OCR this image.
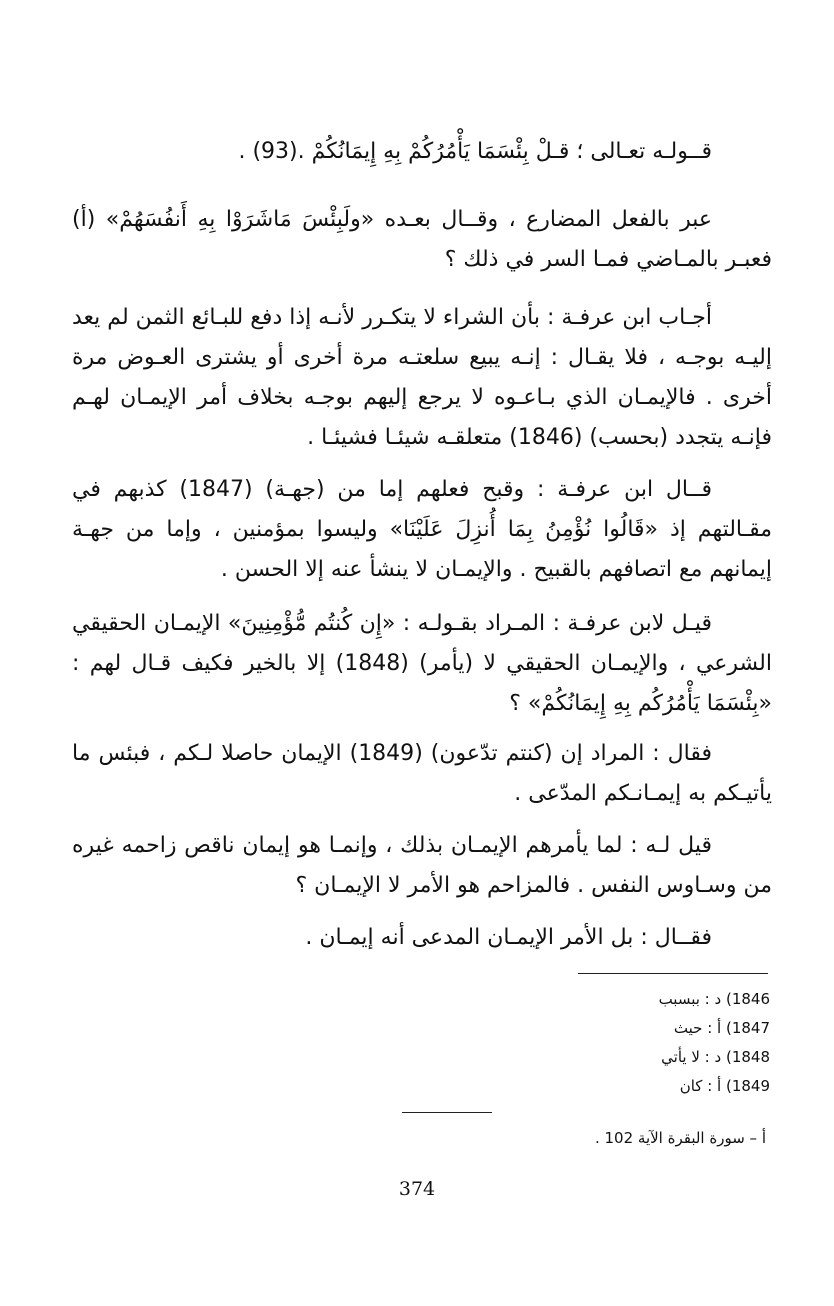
قــولـه تعـالى ؛ قـلْ بِئْسَمَا يَأْمُرُكُمْ بِهِ إِيمَانُكُمْ .(93) .

عبر بالفعل المضارع ، وقــال بعـده «ولَبِئْسَ مَاشَرَوْا بِهِ أَنفُسَهُمْ» (أ) فعبـر بالمـاضي فمـا السر في ذلك ؟

أجـاب ابن عرفـة : بأن الشراء لا يتكـرر لأنـه إذا دفع للبـائع الثمن لم يعد إليـه بوجـه ، فلا يقـال : إنـه يبيع سلعتـه مرة أخرى أو يشترى العـوض مرة أخرى . فالإيمـان الذي بـاعـوه لا يرجع إليهم بوجـه بخلاف أمر الإيمـان لهـم فإنـه يتجدد (بحسب) (1846) متعلقـه شيئـا فشيئـا .

قــال ابن عرفـة : وقبح فعلهم إما من (جهـة) (1847) كذبهم في مقـالتهم إذ «قَالُوا نُؤْمِنُ بِمَا أُنزِلَ عَلَيْنَا» وليسوا بمؤمنين ، وإما من جهـة إيمانهم مع اتصافهم بالقبيح . والإيمـان لا ينشأ عنه إلا الحسن .

قيـل لابن عرفـة : المـراد بقـولـه : «إِن كُنتُم مُّؤْمِنِينَ» الإيمـان الحقيقي الشرعي ، والإيمـان الحقيقي لا (يأمر) (1848) إلا بالخير فكيف قـال لهم : «بِئْسَمَا يَأْمُرُكُم بِهِ إِيمَانُكُمْ» ؟

فقال : المراد إن (كنتم تدّعون) (1849) الإيمان حاصلا لـكم ، فبئس ما يأتيـكم به إيمـانـكم المدّعى .

قيل لـه : لما يأمرهم الإيمـان بذلك ، وإنمـا هو إيمان ناقص زاحمه غيره من وسـاوس النفس . فالمزاحم هو الأمر لا الإيمـان ؟

فقــال : بل الأمر الإيمـان المدعى أنه إيمـان .

1846) د : ببسبب
1847) أ : حيث
1848) د : لا يأتي
1849) أ : كان
أ – سورة البقرة الآية 102 .
374
